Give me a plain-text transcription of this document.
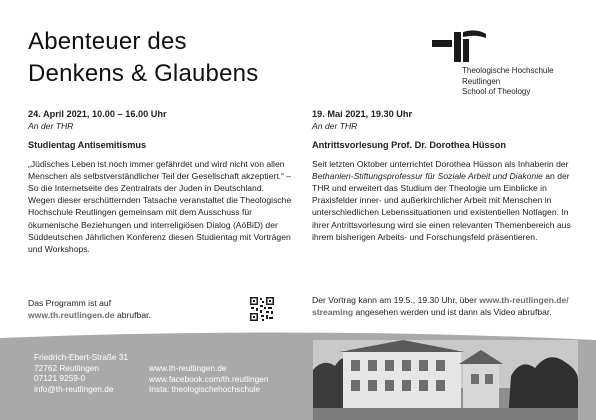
Abenteuer des
Denkens & Glaubens	Theologische Hochschule
Reutlingen
School of Theology
24. April 2021, 10.00 – 16.00 Uhr
An der THR
Studientag Antisemitismus
„Jüdisches Leben ist noch immer gefährdet und wird nicht von allen Menschen als selbstverständlicher Teil der Gesellschaft akzeptiert.“ – So die Internetseite des Zentralrats der Juden in Deutschland.
Wegen dieser erschütternden Tatsache veranstaltet die Theologische Hochschule Reutlingen gemeinsam mit dem Ausschuss für ökumenische Beziehungen und interreligiösen Dialog (AöBiD) der Süddeutschen Jährlichen Konferenz diesen Studientag mit Vorträgen und Workshops.
Das Programm ist auf
www.th.reutlingen.de abrufbar.
19. Mai 2021, 19.30 Uhr
An der THR
Antrittsvorlesung Prof. Dr. Dorothea Hüsson
Seit letzten Oktober unterrichtet Dorothea Hüsson als Inhaberin der Bethanien-Stiftungsprofessur für Soziale Arbeit und Diakonie an der THR und erweitert das Studium der Theologie um Einblicke in Praxisfelder inner- und außerkirchlicher Arbeit mit Menschen in unterschiedlichen Lebenssituationen und existentiellen Notlagen. In ihrer Antrittsvorlesung wird sie einen relevanten Themenbereich aus ihrem bisherigen Arbeits- und Forschungsfeld präsentieren.
Der Vortrag kann am 19.5., 19.30 Uhr, über www.th-reutlingen.de/ streaming angesehen werden und ist dann als Video abrufbar.
Friedrich-Ebert-Straße 31
72762 Reutlingen
07121 9259-0
info@th-reutlingen.de
www.th-reutlingen.de
www.facebook.com/th.reutlingen
Insta: theologischehochschule
